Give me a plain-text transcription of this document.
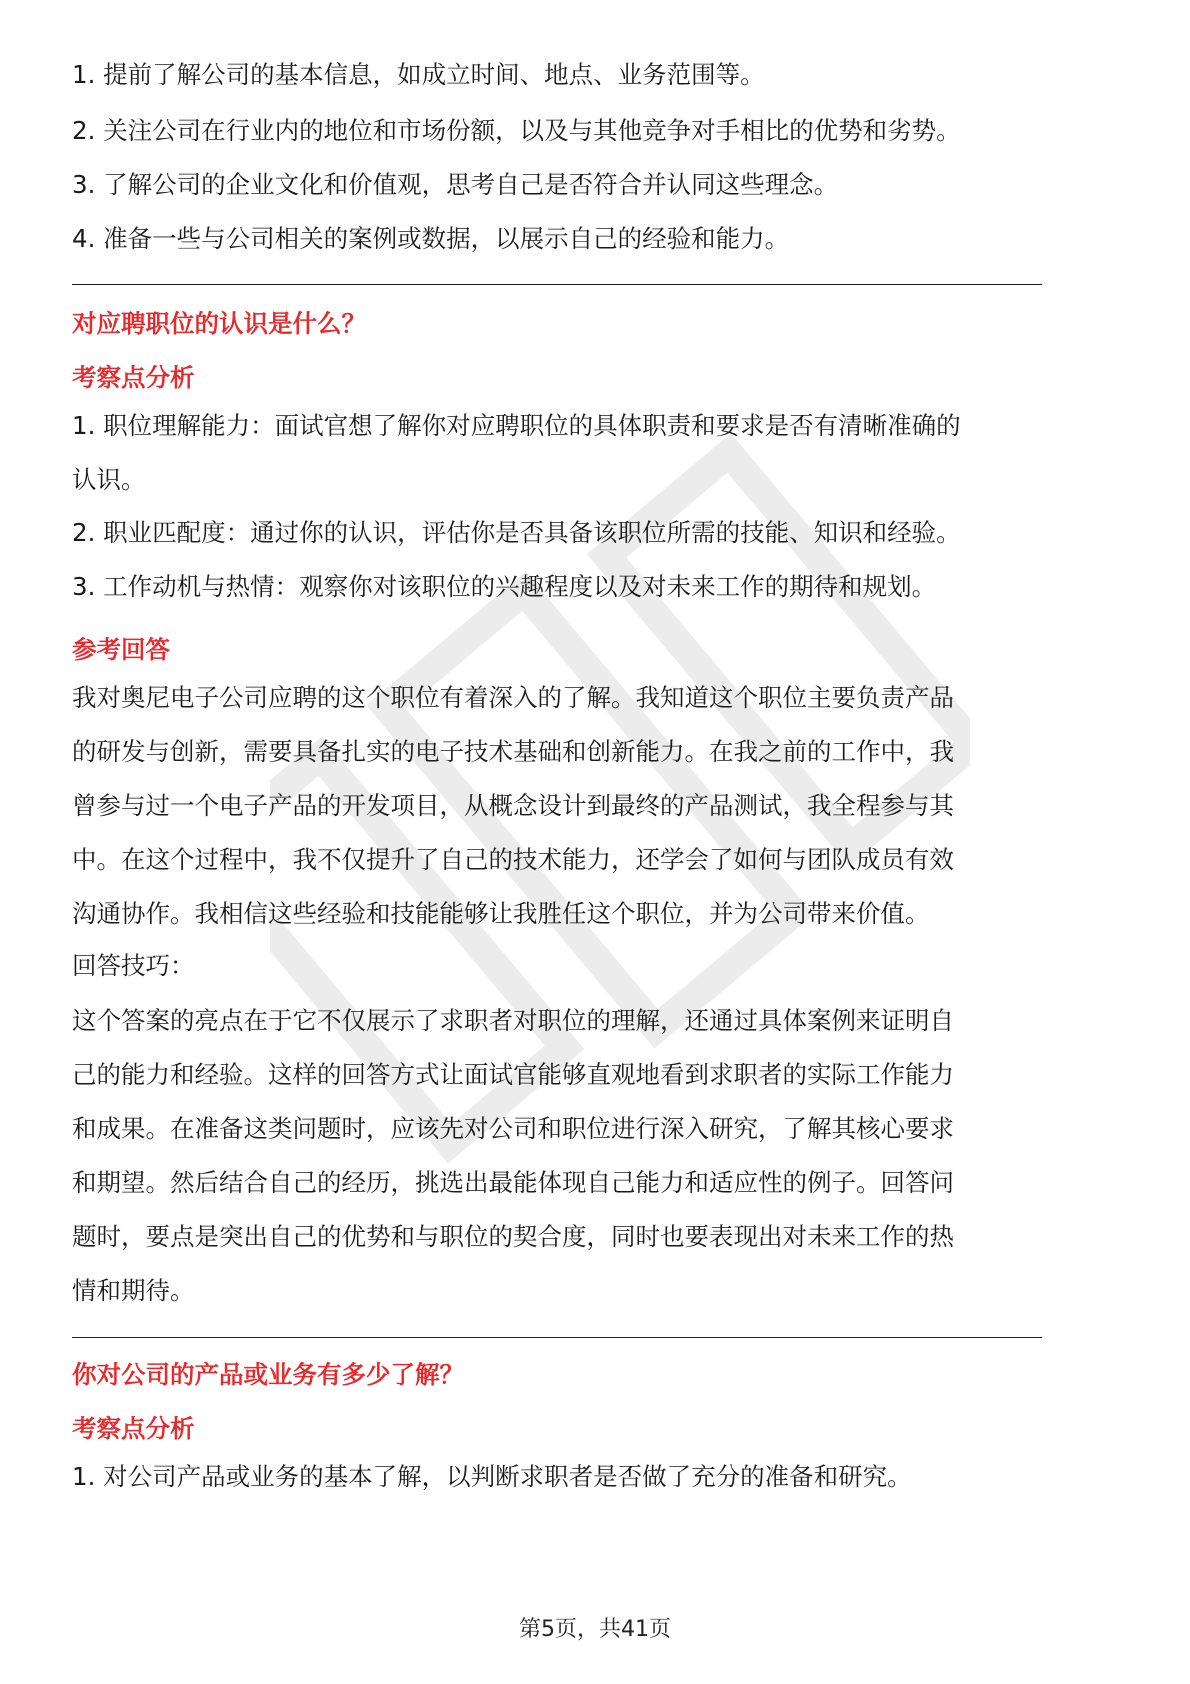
1. 提前了解公司的基本信息，如成立时间、地点、业务范围等。

2. 关注公司在行业内的地位和市场份额，以及与其他竞争对手相比的优势和劣势。

3. 了解公司的企业文化和价值观，思考自己是否符合并认同这些理念。

4. 准备一些与公司相关的案例或数据，以展示自己的经验和能力。

对应聘职位的认识是什么？

考察点分析

1. 职位理解能力：面试官想了解你对应聘职位的具体职责和要求是否有清晰准确的

认识。

2. 职业匹配度：通过你的认识，评估你是否具备该职位所需的技能、知识和经验。

3. 工作动机与热情：观察你对该职位的兴趣程度以及对未来工作的期待和规划。

参考回答

我对奥尼电子公司应聘的这个职位有着深入的了解。我知道这个职位主要负责产品

的研发与创新，需要具备扎实的电子技术基础和创新能力。在我之前的工作中，我

曾参与过一个电子产品的开发项目，从概念设计到最终的产品测试，我全程参与其

中。在这个过程中，我不仅提升了自己的技术能力，还学会了如何与团队成员有效

沟通协作。我相信这些经验和技能能够让我胜任这个职位，并为公司带来价值。

回答技巧：

这个答案的亮点在于它不仅展示了求职者对职位的理解，还通过具体案例来证明自

己的能力和经验。这样的回答方式让面试官能够直观地看到求职者的实际工作能力

和成果。在准备这类问题时，应该先对公司和职位进行深入研究，了解其核心要求

和期望。然后结合自己的经历，挑选出最能体现自己能力和适应性的例子。回答问

题时，要点是突出自己的优势和与职位的契合度，同时也要表现出对未来工作的热

情和期待。

你对公司的产品或业务有多少了解？

考察点分析

1. 对公司产品或业务的基本了解，以判断求职者是否做了充分的准备和研究。

第5页，共41页
